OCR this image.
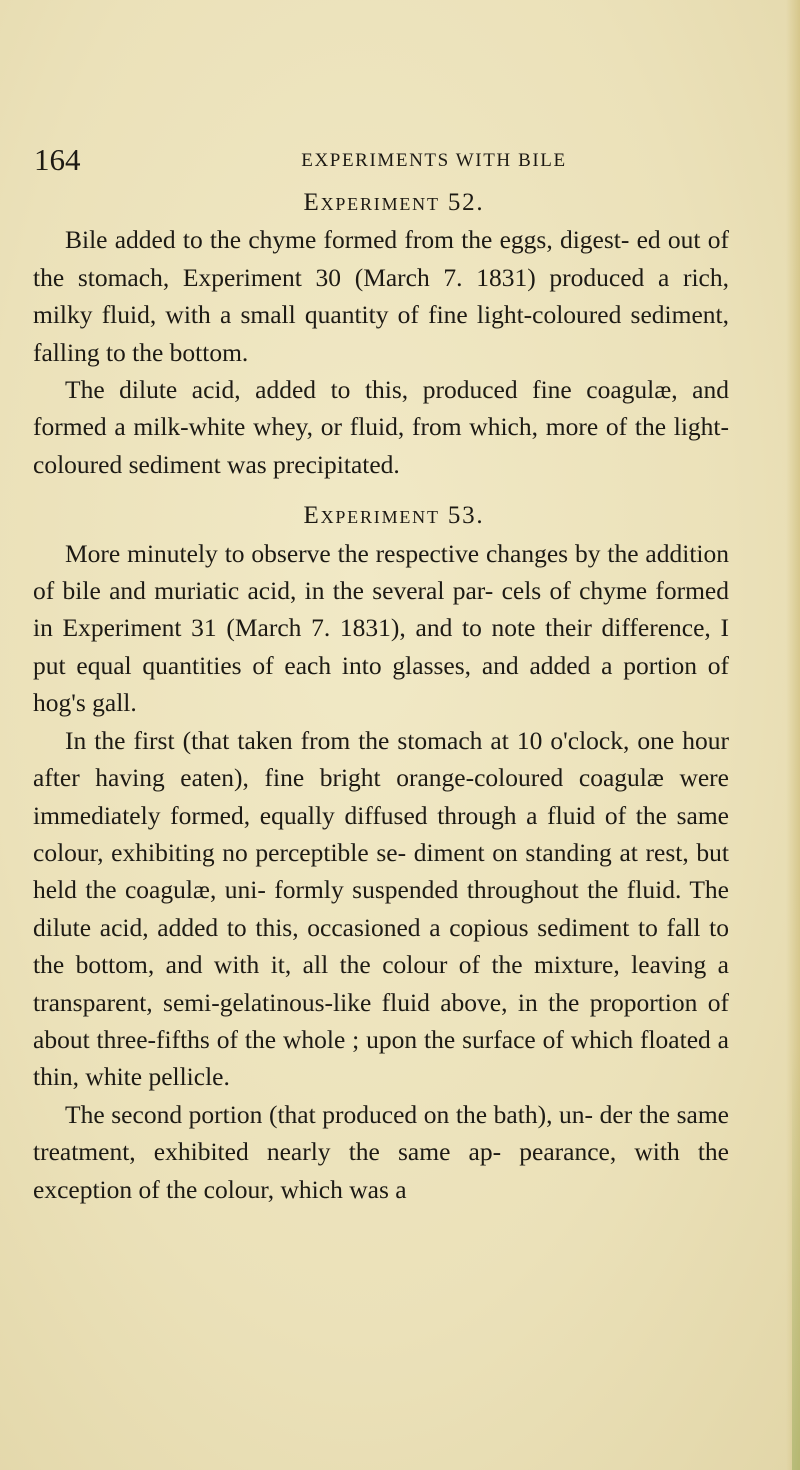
164	EXPERIMENTS WITH BILE

Experiment 52.

Bile added to the chyme formed from the eggs, digest- ed out of the stomach, Experiment 30 (March 7. 1831) produced a rich, milky fluid, with a small quantity of fine light-coloured sediment, falling to the bottom.

The dilute acid, added to this, produced fine coagulæ, and formed a milk-white whey, or fluid, from which, more of the light-coloured sediment was precipitated.

Experiment 53.

More minutely to observe the respective changes by the addition of bile and muriatic acid, in the several par- cels of chyme formed in Experiment 31 (March 7. 1831), and to note their difference, I put equal quantities of each into glasses, and added a portion of hog's gall.

In the first (that taken from the stomach at 10 o'clock, one hour after having eaten), fine bright orange-coloured coagulæ were immediately formed, equally diffused through a fluid of the same colour, exhibiting no perceptible se- diment on standing at rest, but held the coagulæ, uni- formly suspended throughout the fluid. The dilute acid, added to this, occasioned a copious sediment to fall to the bottom, and with it, all the colour of the mixture, leaving a transparent, semi-gelatinous-like fluid above, in the proportion of about three-fifths of the whole ; upon the surface of which floated a thin, white pellicle.

The second portion (that produced on the bath), un- der the same treatment, exhibited nearly the same ap- pearance, with the exception of the colour, which was a
